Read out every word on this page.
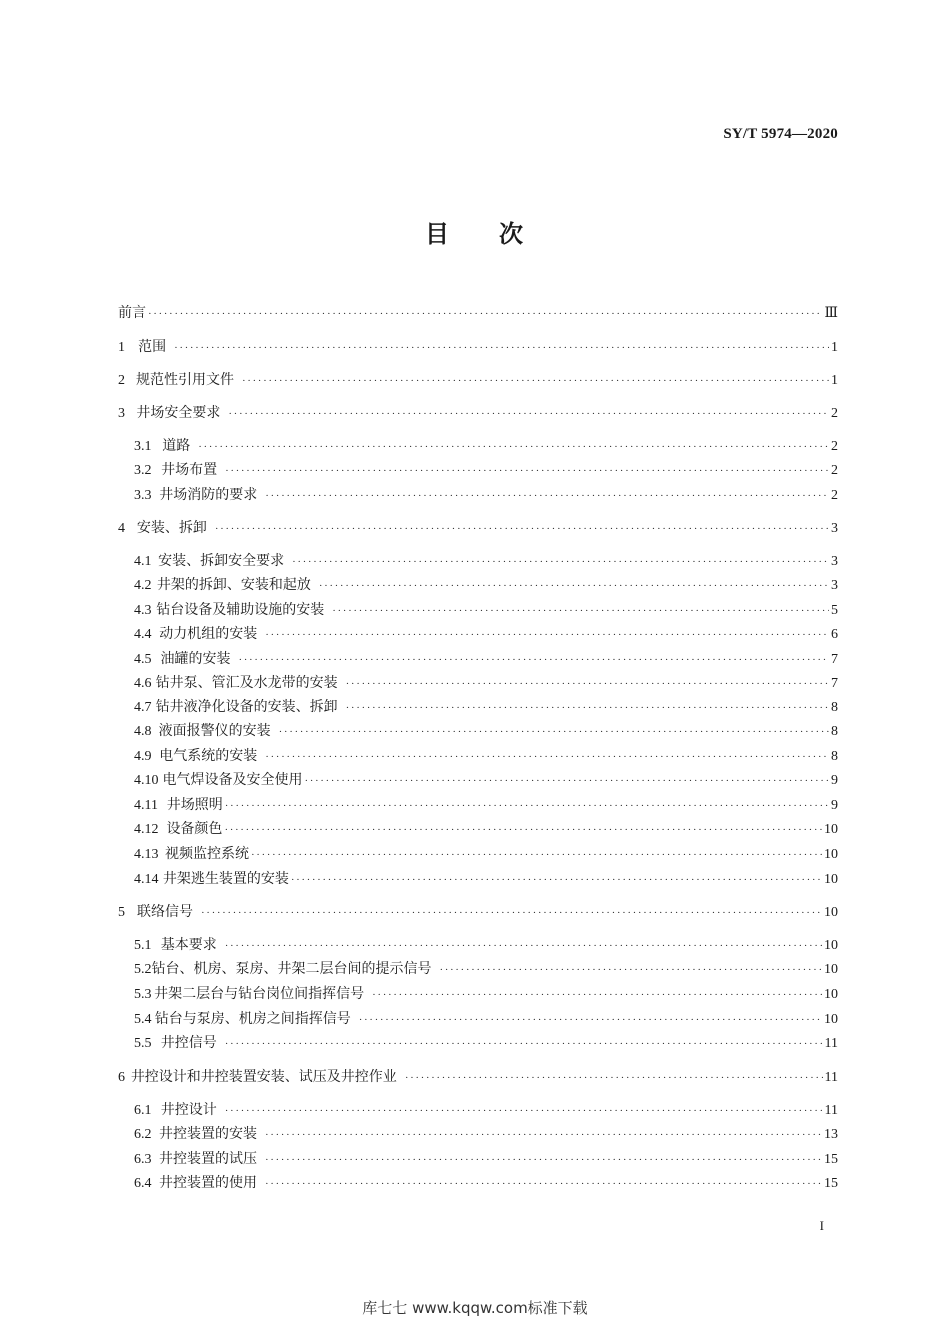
SY/T 5974—2020
目 次
前言 ·····	Ⅲ
1 范围 ·····	1
2 规范性引用文件 ·····	1
3 井场安全要求 ·····	2
3.1 道路 ·····	2
3.2 井场布置 ·····	2
3.3 井场消防的要求 ·····	2
4 安装、拆卸 ·····	3
4.1 安装、拆卸安全要求 ·····	3
4.2 井架的拆卸、安装和起放 ·····	3
4.3 钻台设备及辅助设施的安装 ·····	5
4.4 动力机组的安装 ·····	6
4.5 油罐的安装 ·····	7
4.6 钻井泵、管汇及水龙带的安装 ·····	7
4.7 钻井液净化设备的安装、拆卸 ·····	8
4.8 液面报警仪的安装 ·····	8
4.9 电气系统的安装 ·····	8
4.10 电气焊设备及安全使用 ·····	9
4.11 井场照明 ·····	9
4.12 设备颜色 ·····	10
4.13 视频监控系统 ·····	10
4.14 井架逃生装置的安装 ·····	10
5 联络信号 ·····	10
5.1 基本要求 ·····	10
5.2 钻台、机房、泵房、井架二层台间的提示信号 ·····	10
5.3 井架二层台与钻台岗位间指挥信号 ·····	10
5.4 钻台与泵房、机房之间指挥信号 ·····	10
5.5 井控信号 ·····	11
6 井控设计和井控装置安装、试压及井控作业 ·····	11
6.1 井控设计 ·····	11
6.2 井控装置的安装 ·····	13
6.3 井控装置的试压 ·····	15
6.4 井控装置的使用 ·····	15
I
库七七 www.kqqw.com标准下载
